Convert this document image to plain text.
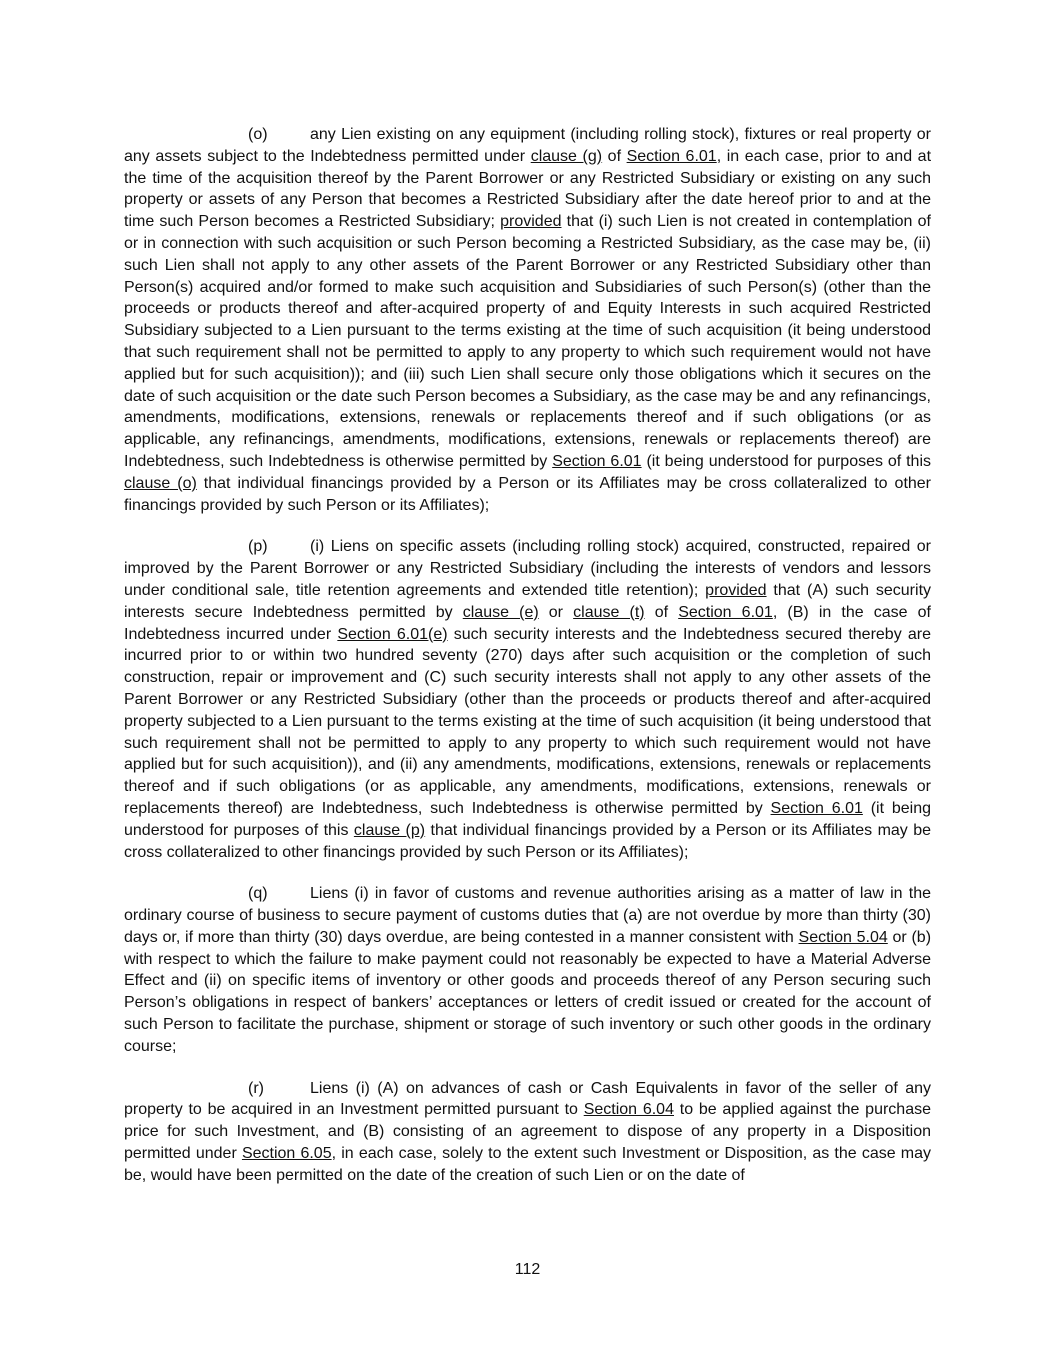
(o)	any Lien existing on any equipment (including rolling stock), fixtures or real property or any assets subject to the Indebtedness permitted under clause (g) of Section 6.01, in each case, prior to and at the time of the acquisition thereof by the Parent Borrower or any Restricted Subsidiary or existing on any such property or assets of any Person that becomes a Restricted Subsidiary after the date hereof prior to and at the time such Person becomes a Restricted Subsidiary; provided that (i) such Lien is not created in contemplation of or in connection with such acquisition or such Person becoming a Restricted Subsidiary, as the case may be, (ii) such Lien shall not apply to any other assets of the Parent Borrower or any Restricted Subsidiary other than Person(s) acquired and/or formed to make such acquisition and Subsidiaries of such Person(s) (other than the proceeds or products thereof and after-acquired property of and Equity Interests in such acquired Restricted Subsidiary subjected to a Lien pursuant to the terms existing at the time of such acquisition (it being understood that such requirement shall not be permitted to apply to any property to which such requirement would not have applied but for such acquisition)); and (iii) such Lien shall secure only those obligations which it secures on the date of such acquisition or the date such Person becomes a Subsidiary, as the case may be and any refinancings, amendments, modifications, extensions, renewals or replacements thereof and if such obligations (or as applicable, any refinancings, amendments, modifications, extensions, renewals or replacements thereof) are Indebtedness, such Indebtedness is otherwise permitted by Section 6.01 (it being understood for purposes of this clause (o) that individual financings provided by a Person or its Affiliates may be cross collateralized to other financings provided by such Person or its Affiliates);

(p)	(i) Liens on specific assets (including rolling stock) acquired, constructed, repaired or improved by the Parent Borrower or any Restricted Subsidiary (including the interests of vendors and lessors under conditional sale, title retention agreements and extended title retention); provided that (A) such security interests secure Indebtedness permitted by clause (e) or clause (t) of Section 6.01, (B) in the case of Indebtedness incurred under Section 6.01(e) such security interests and the Indebtedness secured thereby are incurred prior to or within two hundred seventy (270) days after such acquisition or the completion of such construction, repair or improvement and (C) such security interests shall not apply to any other assets of the Parent Borrower or any Restricted Subsidiary (other than the proceeds or products thereof and after-acquired property subjected to a Lien pursuant to the terms existing at the time of such acquisition (it being understood that such requirement shall not be permitted to apply to any property to which such requirement would not have applied but for such acquisition)), and (ii) any amendments, modifications, extensions, renewals or replacements thereof and if such obligations (or as applicable, any amendments, modifications, extensions, renewals or replacements thereof) are Indebtedness, such Indebtedness is otherwise permitted by Section 6.01 (it being understood for purposes of this clause (p) that individual financings provided by a Person or its Affiliates may be cross collateralized to other financings provided by such Person or its Affiliates);

(q)	Liens (i) in favor of customs and revenue authorities arising as a matter of law in the ordinary course of business to secure payment of customs duties that (a) are not overdue by more than thirty (30) days or, if more than thirty (30) days overdue, are being contested in a manner consistent with Section 5.04 or (b) with respect to which the failure to make payment could not reasonably be expected to have a Material Adverse Effect and (ii) on specific items of inventory or other goods and proceeds thereof of any Person securing such Person’s obligations in respect of bankers’ acceptances or letters of credit issued or created for the account of such Person to facilitate the purchase, shipment or storage of such inventory or such other goods in the ordinary course;

(r)	Liens (i) (A) on advances of cash or Cash Equivalents in favor of the seller of any property to be acquired in an Investment permitted pursuant to Section 6.04 to be applied against the purchase price for such Investment, and (B) consisting of an agreement to dispose of any property in a Disposition permitted under Section 6.05, in each case, solely to the extent such Investment or Disposition, as the case may be, would have been permitted on the date of the creation of such Lien or on the date of

112
